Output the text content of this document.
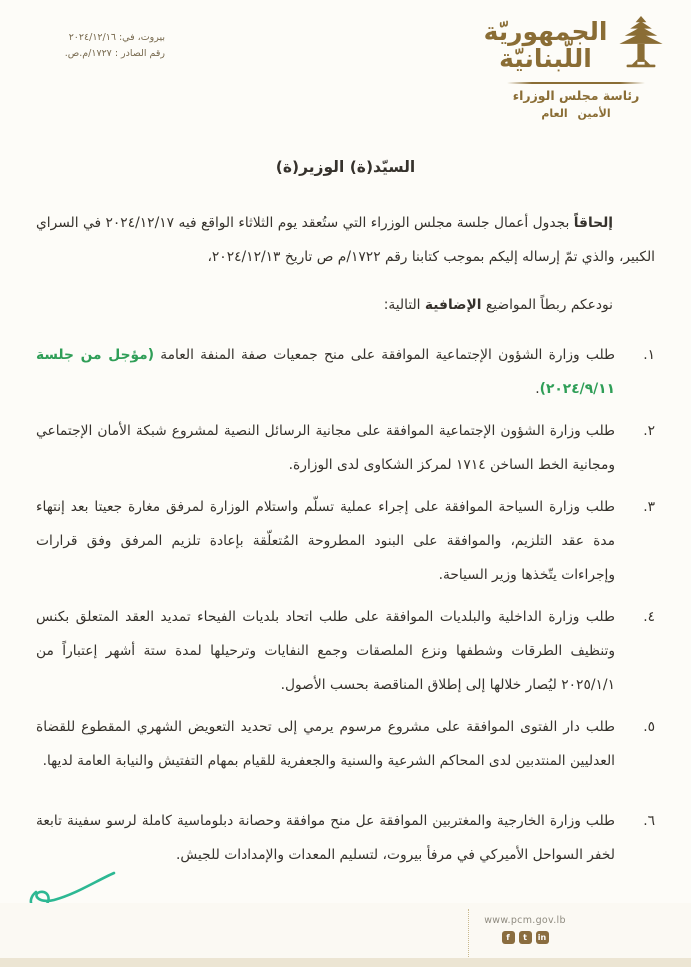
بيروت، في: ٢٠٢٤/١٢/١٦
رقم الصادر : ١٧٢٧/م.ص.
الجمهوريّة
اللّبنانيّة
رئاسة مجلس الوزراء
الأمين العام
السيّد(ة) الوزير(ة)

إلحاقاً بجدول أعمال جلسة مجلس الوزراء التي ستُعقد يوم الثلاثاء الواقع فيه ٢٠٢٤/١٢/١٧ في السراي الكبير، والذي تمّ إرساله إليكم بموجب كتابنا رقم ١٧٢٢/م ص تاريخ ٢٠٢٤/١٢/١٣،

نودعكم ربطاً المواضيع الإضافية التالية:

١.
طلب وزارة الشؤون الإجتماعية الموافقة على منح جمعيات صفة المنفة العامة (مؤجل من جلسة ٢٠٢٤/٩/١١).
٢.
طلب وزارة الشؤون الإجتماعية الموافقة على مجانية الرسائل النصية لمشروع شبكة الأمان الإجتماعي ومجانية الخط الساخن ١٧١٤ لمركز الشكاوى لدى الوزارة.
٣.
طلب وزارة السياحة الموافقة على إجراء عملية تسلّم واستلام الوزارة لمرفق مغارة جعيتا بعد إنتهاء مدة عقد التلزيم، والموافقة على البنود المطروحة المُتعلّقة بإعادة تلزيم المرفق وفق قرارات وإجراءات يتّخذها وزير السياحة.
٤.
طلب وزارة الداخلية والبلديات الموافقة على طلب اتحاد بلديات الفيحاء تمديد العقد المتعلق بكنس وتنظيف الطرقات وشطفها ونزع الملصقات وجمع النفايات وترحيلها لمدة ستة أشهر إعتباراً من ٢٠٢٥/١/١ ليُصار خلالها إلى إطلاق المناقصة بحسب الأصول.
٥.
طلب دار الفتوى الموافقة على مشروع مرسوم يرمي إلى تحديد التعويض الشهري المقطوع للقضاة العدليين المنتدبين لدى المحاكم الشرعية والسنية والجعفرية للقيام بمهام التفتيش والنيابة العامة لديها.
٦.
طلب وزارة الخارجية والمغتربين الموافقة عل منح موافقة وحصانة دبلوماسية كاملة لرسو سفينة تابعة لخفر السواحل الأميركي في مرفأ بيروت، لتسليم المعدات والإمدادات للجيش.
www.pcm.gov.lb
f	t	in
